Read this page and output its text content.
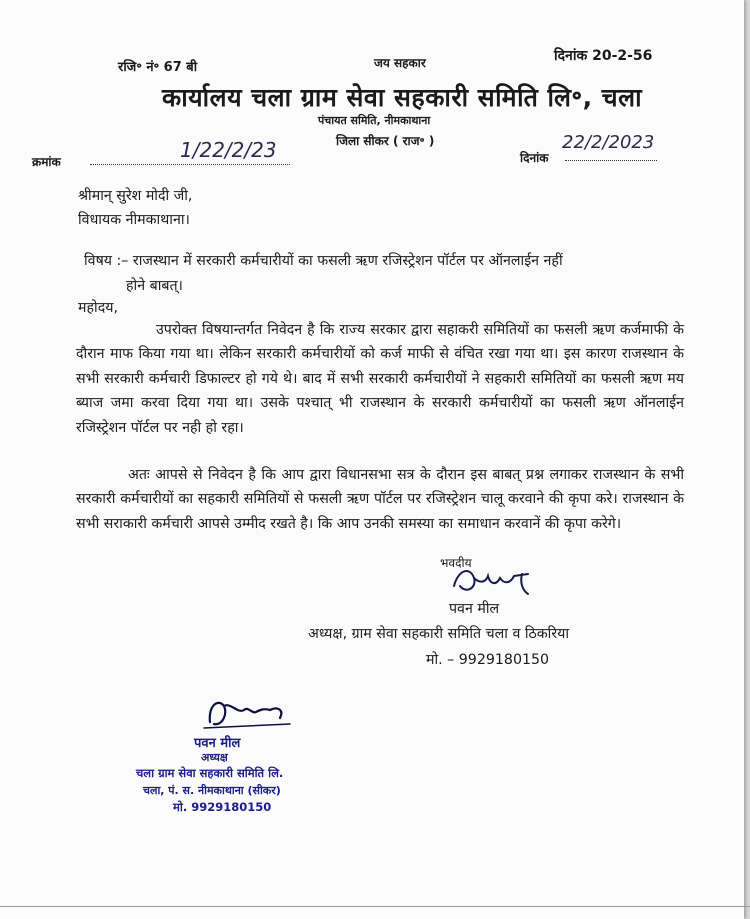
रजि॰ नं॰ 67 बी	जय सहकार	दिनांक 20-2-56
कार्यालय चला ग्राम सेवा सहकारी समिति लि॰, चला
पंचायत समिति, नीमकाथाना
जिला सीकर ( राज॰ )
क्रमांक	1/22/2/23	दिनांक
22/2/2023
श्रीमान् सुरेश मोदी जी,
विधायक नीमकाथाना।
विषय :– राजस्थान में सरकारी कर्मचारीयों का फसली ऋण रजिस्ट्रेशन पॉर्टल पर ऑनलाईन नहीं
होने बाबत्।
महोदय,
उपरोक्त विषयान्तर्गत निवेदन है कि राज्य सरकार द्वारा सहाकरी समितियों का फसली ऋण कर्जमाफी के दौरान माफ किया गया था। लेकिन सरकारी कर्मचारीयों को कर्ज माफी से वंचित रखा गया था। इस कारण राजस्थान के सभी सरकारी कर्मचारी डिफाल्टर हो गये थे। बाद में सभी सरकारी कर्मचारीयों ने सहकारी समितियों का फसली ऋण मय ब्याज जमा करवा दिया गया था। उसके पश्चात् भी राजस्थान के सरकारी कर्मचारीयों का फसली ऋण ऑनलाईन रजिस्ट्रेशन पॉर्टल पर नही हो रहा।
अतः आपसे से निवेदन है कि आप द्वारा विधानसभा सत्र के दौरान इस बाबत् प्रश्न लगाकर राजस्थान के सभी सरकारी कर्मचारीयों का सहकारी समितियों से फसली ऋण पॉर्टल पर रजिस्ट्रेशन चालू करवाने की कृपा करे। राजस्थान के सभी सराकारी कर्मचारी आपसे उम्मीद रखते है। कि आप उनकी समस्या का समाधान करवानें की कृपा करेगे।
भवदीय
पवन मील
अध्यक्ष, ग्राम सेवा सहकारी समिति चला व ठिकरिया
मो. – 9929180150
पवन मील
अध्यक्ष
चला ग्राम सेवा सहकारी समिति लि.
चला, पं. स. नीमकाथाना (सीकर)
मो. 9929180150
